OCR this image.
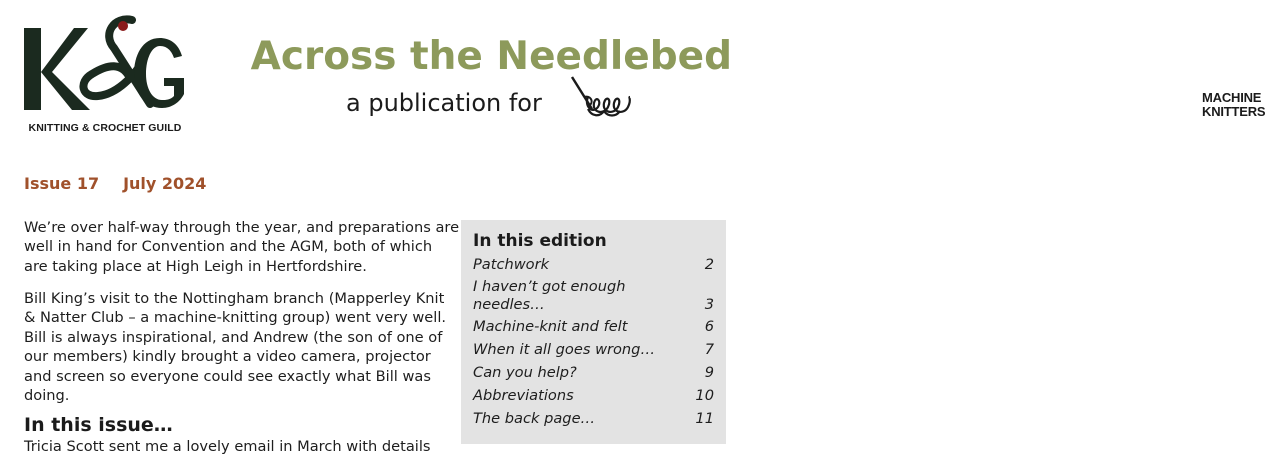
KNITTING & CROCHET GUILD
Across the Needlebed
a publication for	MACHINE
KNITTERS
Issue 17 July 2024
We’re over half-way through the year, and preparations are well in hand for Convention and the AGM, both of which are taking place at High Leigh in Hertfordshire.
Bill King’s visit to the Nottingham branch (Mapperley Knit & Natter Club – a machine-knitting group) went very well. Bill is always inspirational, and Andrew (the son of one of our members) kindly brought a video camera, projector and screen so everyone could see exactly what Bill was doing.
In this issue…
Tricia Scott sent me a lovely email in March with details
In this edition
Patchwork	2
I haven’t got enough needles…	3
Machine-knit and felt	6
When it all goes wrong…	7
Can you help?	9
Abbreviations	10
The back page…	11
